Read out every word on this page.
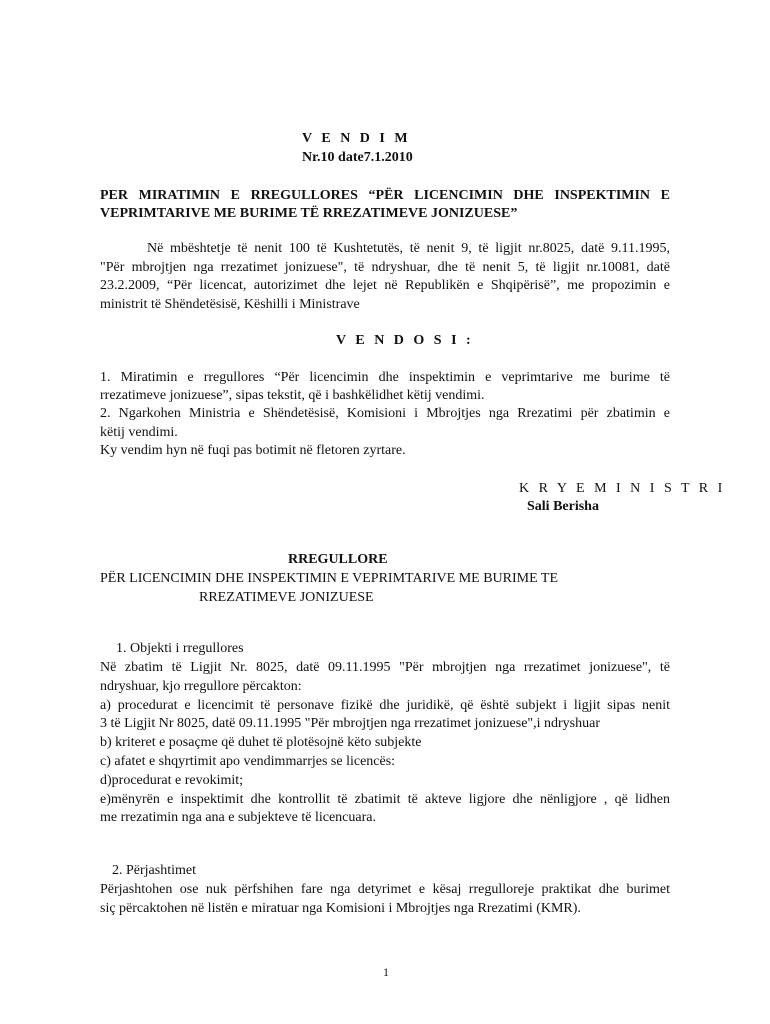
V E N D I M
Nr.10 date7.1.2010
PER MIRATIMIN E RREGULLORES “PËR LICENCIMIN DHE INSPEKTIMIN E
VEPRIMTARIVE ME BURIME TË RREZATIMEVE JONIZUESE”
Në mbështetje të nenit 100 të Kushtetutës, të nenit 9, të ligjit nr.8025, datë 9.11.1995,
"Për mbrojtjen nga rrezatimet jonizuese", të ndryshuar, dhe të nenit 5, të ligjit nr.10081, datë
23.2.2009, “Për licencat, autorizimet dhe lejet në Republikën e Shqipërisë”, me propozimin e
ministrit të Shëndetësisë, Këshilli i Ministrave
V E N D O S I :
1. Miratimin e rregullores “Për licencimin dhe inspektimin e veprimtarive me burime të
rrezatimeve jonizuese”, sipas tekstit, që i bashkëlidhet këtij vendimi.
2. Ngarkohen Ministria e Shëndetësisë, Komisioni i Mbrojtjes nga Rrezatimi për zbatimin e
këtij vendimi.
Ky vendim hyn në fuqi pas botimit në fletoren zyrtare.
K R Y E M I N I S T R I
Sali Berisha
RREGULLORE
PËR LICENCIMIN DHE INSPEKTIMIN E VEPRIMTARIVE ME BURIME TE
RREZATIMEVE JONIZUESE
1. Objekti i rregullores
Në zbatim të Ligjit Nr. 8025, datë 09.11.1995 "Për mbrojtjen nga rrezatimet jonizuese", të
ndryshuar, kjo rregullore përcakton:
a) procedurat e licencimit të personave fizikë dhe juridikë, që është subjekt i ligjit sipas nenit
3 të Ligjit Nr 8025, datë 09.11.1995 "Për mbrojtjen nga rrezatimet jonizuese",i ndryshuar
b) kriteret e posaçme që duhet të plotësojnë këto subjekte
c) afatet e shqyrtimit apo vendimmarrjes se licencës:
d)procedurat e revokimit;
e)mënyrën e inspektimit dhe kontrollit të zbatimit të akteve ligjore dhe nënligjore , që lidhen
me rrezatimin nga ana e subjekteve të licencuara.
2. Përjashtimet
Përjashtohen ose nuk përfshihen fare nga detyrimet e kësaj rregulloreje praktikat dhe burimet
siç përcaktohen në listën e miratuar nga Komisioni i Mbrojtjes nga Rrezatimi (KMR).
1
